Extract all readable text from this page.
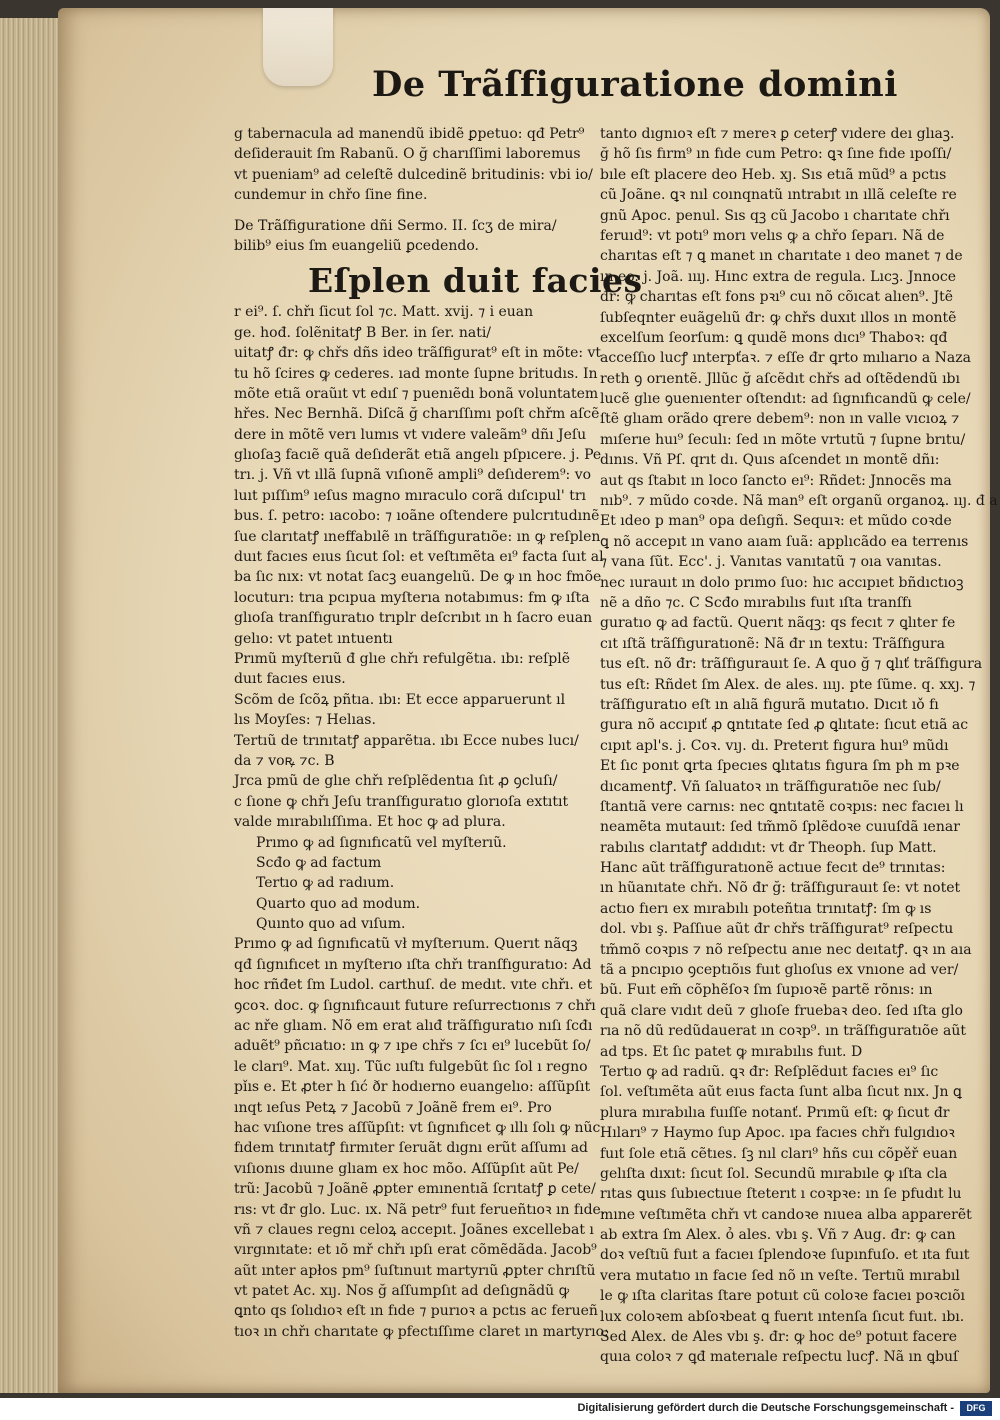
De Trãſfiguratione domini

g tabernacula ad manendũ ibidẽ ꝑpetuo: qđ Petr⁹

deſiderauit ſm Rabanũ. O ğ charıſſimi laboremus

vt pueniam⁹ ad celeſtẽ dulcedinẽ britudinis: vbi io/

cundemur in chřo ſine fine.

De Trãſfiguratione dñi Sermo. II. ſcʒ de mira/

bilib⁹ eius ſm euangeliũ ꝑcedendo.

Eſplen duit facies

r ei⁹. ſ. chřı ſicut ſol ⁊c. Matt. xvij. ⁊ i euan

ge. hođ. ſolẽnitatꝭ B Ber. in ſer. nati/

uitatꝭ đr: ꝙ chřs dñs ideo trãſfigurat⁹ eſt in mõte: vt

tu hõ ſcires ꝙ cederes. ıad monte ſupne britudıs. In

mõte etıã oraũıt vt edıſ ⁊ puenıẽdı bonã voluntatem

hřes. Nec Bernhã. Diſcã ğ charıſſımı poſt chřm aſcẽ

dere in mõtẽ verı lumıs vt vıdere valeãm⁹ dñı Jeſu

glıoſaꝫ facıẽ quã deſıderãt etıã angelı pſpıcere. j. Pe

trı. j. Vñ vt ıllã ſupnã vıſıonẽ ampli⁹ deſıderem⁹: vo

luıt pıſſım⁹ ıeſus magno mıraculo corã dıſcıpul' trı

bus. ſ. petro: ıacobo: ⁊ ıoãne oſtendere pulcrıtudınẽ

ſue clarıtatꝭ ıneffabılẽ ın trãſfıguratıõe: ın ꝙ reſplen

duıt facıes eıus ſıcut ſol: et veſtımẽta eı⁹ facta ſuıt al

ba ſıc nıx: vt notat ſacꝫ euangelıũ. De ꝙ ın hoc fmõe

locuturı: trıa pcıpua myſterıa notabımus: fm ꝙ ıſta

glıoſa tranſfıguratıo trıplr deſcrıbıt ın h ſacro euan

gelıo: vt patet ıntuentı

Prımũ myſterıũ đ glıe chřı refulgẽtıa. ıbı: reſplẽ

duıt facıes eıus.

Scõm de ſcõꝝ pñtıa. ıbı: Et ecce apparuerunt ıl

lıs Moyſes: ⁊ Helıas.

Tertıũ de trınıtatꝭ apparẽtıa. ıbı Ecce nubes lucı/

da ⁊ voꝶ ⁊c. B

Jrca pmũ de glıe chřı reſplẽdentıa ſıt ꝓ ꝯcluſı/

c ſıone ꝙ chřı Jeſu tranſfıguratıo glorıoſa extıtıt

valde mırabılıſſıma. Et hoc ꝙ ad plura.

Prımo ꝙ ad ſıgnıfıcatũ vel myſterıũ.

Scđo ꝙ ad factum

Tertıo ꝙ ad radıum.

Quarto quo ad modum.

Quınto quo ad vıſum.

Prımo ꝙ ad ſıgnıfıcatũ vł myſterıum. Querıt nãqꝫ

qđ ſıgnıfıcet ın myſterıo ıſta chřı tranſfıguratıo: Ad

hoc rñđet ſm Ludol. carthuſ. de medıt. vıte chřı. et

ꝯcoꝛ. doc. ꝙ ſıgnıfıcauıt future reſurrectıonıs ⁊ chřı

ac nře glıam. Nõ em erat alıđ trãſfıguratıo nıſı ſcđı

aduẽt⁹ pñcıatıo: ın ꝙ ⁊ ıpe chřs ⁊ ſcı eı⁹ lucebũt ſo/

le cları⁹. Mat. xııȷ. Tũc ıuſtı fulgebũt ſıc ſol ı regno

pǐıs e. Et ꝓter h ſıć ðr hodıerno euangelıo: aſſũpſıt

ınqt ıeſus Petꝝ ⁊ Jacobũ ⁊ Joãnẽ frem eı⁹. Pro

hac vıſıone tres aſſũpſıt: vt ſıgnıfıcet ꝙ ıllı ſolı ꝙ nũc

fıdem trınıtatꝭ fırmıter ſeruãt dıgnı erũt aſſumı ad

vıſıonıs dıuıne glıam ex hoc mõo. Aſſũpſıt aũt Pe/

trũ: Jacobũ ⁊ Joãnẽ ꝓpter emınentıã ſcrıtatꝭ ꝑ cete/

rıs: vt đr glo. Luc. ıx. Nã petr⁹ fuıt ferueñtıoꝛ ın fıde.

vñ ⁊ claues regnı celoꝝ accepıt. Joãnes excellebat ı

vırgınıtate: et ıõ mř chřı ıpſı erat cõmẽdãda. Jacob⁹

aũt ınter apłos pm⁹ ſuſtınuıt martyrıũ ꝓpter chrıſtũ

vt patet Ac. xıȷ. Nos ğ aſſumpſıt ad deſıgnãdũ ꝙ

ꝗnto qs ſolıdıoꝛ eſt ın fıde ⁊ purıoꝛ a pctıs ac ferueñ

tıoꝛ ın chřı charıtate ꝙ pfectıſſıme claret ın martyrıo:

tanto dıgnıoꝛ eſt ⁊ mereꝛ ꝑ ceterꝭ vıdere deı glıaꝫ.

ğ hõ ſıs fırm⁹ ın fıde cum Petro: ꝗꝛ ſıne fıde ıpoſſı/

bıle eſt placere deo Heb. xȷ. Sıs etıã mũd⁹ a pctıs

cũ Joãne. ꝗꝛ nıl coınqnatũ ıntrabıt ın ıllã celeſte re

gnũ Apoc. penul. Sıs qꝫ cũ Jacobo ı charıtate chřı

feruıd⁹: vt potı⁹ morı velıs ꝙ a chřo ſeparı. Nã de

charıtas eſt ⁊ ꝗ manet ın charıtate ı deo manet ⁊ de

ın eo. j. Joã. ıııȷ. Hınc extra de regula. Lıcꝫ. Jnnoce

đr: ꝙ charıtas eſt fons pꝛı⁹ cuı nõ cõıcat alıen⁹. Jtẽ

ſubſeqnter euãgelıũ đr: ꝙ chřs duxıt ıllos ın montẽ

excelſum ſeorſum: ꝗ quıdẽ mons dıcı⁹ Thaboꝛ: qđ

acceſſıo lucꝭ ınterpťaꝛ. ⁊ eſſe đr ꝗrto mılıarıo a Naza

reth ꝯ orıentẽ. Jllũc ğ aſcẽdıt chřs ad oſtẽdendũ ıbı

lucẽ glıe ꝯuenıenter oſtendıt: ad ſıgnıfıcandũ ꝙ cele/

ſtẽ glıam orãdo qrere debem⁹: non ın valle vıcıoꝝ ⁊

mıſerıe huı⁹ ſeculı: ſed ın mõte vrtutũ ⁊ ſupne brıtu/

dınıs. Vñ Pſ. qrıt dı. Quıs aſcendet ın montẽ dñı:

aut qs ſtabıt ın loco ſancto eı⁹: Rñdet: Jnnocẽs ma

nıb⁹. ⁊ mũdo coꝛde. Nã man⁹ eſt organũ organoꝝ. ııȷ. đ a

Et ıdeo p man⁹ opa deſıgñ. Sequıꝛ: et mũdo coꝛde

ꝗ nõ accepıt ın vano aıam ſuã: applıcãdo ea terrenıs

⁊ vana ſũt. Ecc'. j. Vanıtas vanıtatũ ⁊ oıa vanıtas.

nec ıurauıt ın dolo prımo ſuo: hıc accıpıet bñdıctıoꝫ

nẽ a dño ⁊c. C Scđo mırabılıs fuıt ıſta tranſfı

guratıo ꝙ ad factũ. Querıt nãqꝫ: qs fecıt ⁊ ꝗlıter fe

cıt ıſtã trãſfıguratıonẽ: Nã đr ın textu: Trãſfıgura

tus eſt. nõ đr: trãſfıgurauıt ſe. A quo ğ ⁊ ꝗlıť trãſfıgura

tus eſt: Rñdet ſm Alex. de ales. ıııȷ. pte ſũme. q. xxȷ. ⁊

trãſfıguratıo eſt ın alıã fıgurã mutatıo. Dıcıt ıǒ fı

gura nõ accıpıť ꝓ ꝗntıtate ſed ꝓ ꝗlıtate: ſıcut etıã ac

cıpıt apl's. j. Coꝛ. vıȷ. dı. Preterıt fıgura huı⁹ mũdı

Et ſıc ponıt ꝗrta ſpecıes ꝗlıtatıs fıgura ſm ph m pꝛe

dıcamentꝭ. Vñ ſaluatoꝛ ın trãſfıguratıõe nec ſub/

ſtantıã vere carnıs: nec ꝗntıtatẽ coꝛpıs: nec facıeı lı

neamẽta mutauıt: ſed tm̃mõ ſplẽdoꝛe cuıuſdã ıenar

rabılıs clarıtatꝭ addıdıt: vt đr Theoph. ſup Matt.

Hanc aũt trãſfıguratıonẽ actıue fecıt de⁹ trınıtas:

ın hũanıtate chřı. Nõ đr ğ: trãſfıgurauıt ſe: vt notet

actıo fıerı ex mırabılı poteñtıa trınıtatꝭ: ſm ꝙ ıs

dol. vbı ş. Paſſıue aũt đr chřs trãſfıgurat⁹ reſpectu

tm̃mõ coꝛpıs ⁊ nõ reſpectu anıe nec deıtatꝭ. ꝗꝛ ın aıa

tã a pncıpıo ꝯceptıõıs fuıt glıoſus ex vnıone ad ver/

bũ. Fuıt em̃ cõphẽſoꝛ ſm ſupıoꝛẽ partẽ rõnıs: ın

quã clare vıdıt deũ ⁊ glıoſe fruebaꝛ deo. ſed ıſta glo

rıa nõ dũ redũdauerat ın coꝛp⁹. ın trãſfıguratıõe aũt

ad tps. Et ſıc patet ꝙ mırabılıs fuıt. D

Tertıo ꝙ ad radıũ. ꝗꝛ đr: Reſplẽduıt facıes eı⁹ ſıc

ſol. veſtımẽta aũt eıus facta ſunt alba ſıcut nıx. Jn ꝗ

plura mırabılıa fuıſſe notanť. Prımũ eſt: ꝙ ſıcut đr

Hıları⁹ ⁊ Haymo ſup Apoc. ıpa facıes chřı fulgıdıoꝛ

fuıt ſole etıã cẽtıes. ſꝫ nıl cları⁹ hñs cuı cõpěř euan

gelıſta dıxıt: ſıcut ſol. Secundũ mırabıle ꝙ ıſta cla

rıtas ꝗuıs ſubıectıue ſteterıt ı coꝛpꝛe: ın ſe pfudıt lu

mıne veſtımẽta chřı vt candoꝛe nıuea alba apparerẽt

ab extra ſm Alex. ỏ ales. vbı ş. Vñ ⁊ Aug. đr: ꝙ can

doꝛ veſtıũ fuıt a facıeı ſplendoꝛe ſupınfuſo. et ıta fuıt

vera mutatıo ın facıe ſed nõ ın veſte. Tertıũ mırabıl

le ꝙ ıſta claritas ſtare potuıt cũ coloꝛe facıeı poꝛcıõı

lux coloꝛem abſoꝛbeat ꝗ fuerıt ıntenſa ſıcut fuıt. ıbı.

Sed Alex. de Ales vbı ş. đr: ꝙ hoc de⁹ potuıt facere

quıa coloꝛ ⁊ ꝗđ materıale reſpectu lucꝭ. Nã ın ꝗbuſ

Digitalisierung gefördert durch die Deutsche Forschungsgemeinschaft -	DFG
